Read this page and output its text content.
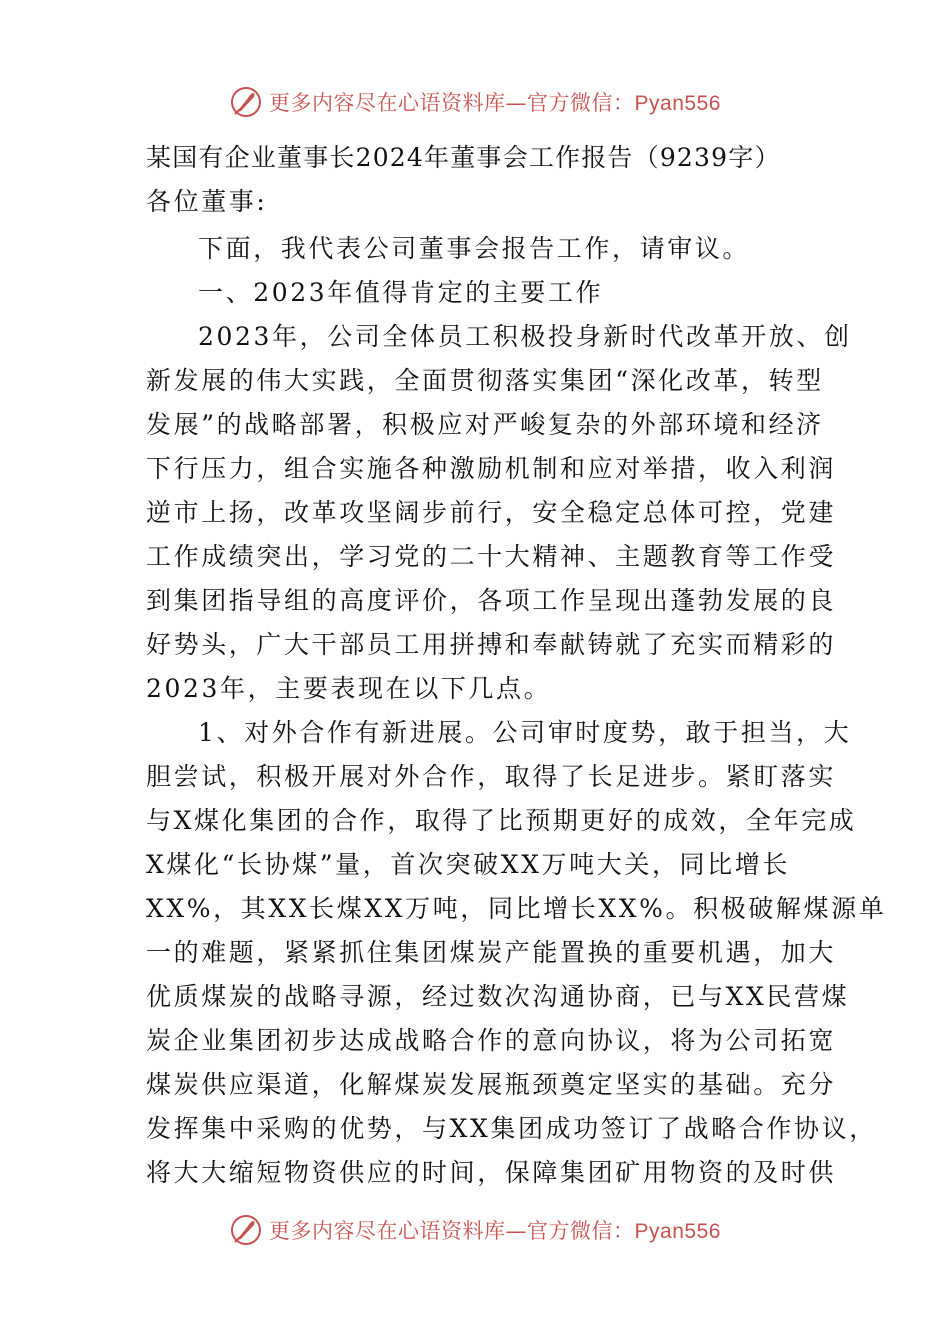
更多内容尽在心语资料库—官方微信：Pyan556
某国有企业董事长2024年董事会工作报告（9239字）
各位董事:
下面，我代表公司董事会报告工作，请审议。
一、2023年值得肯定的主要工作
2023年，公司全体员工积极投身新时代改革开放、创
新发展的伟大实践，全面贯彻落实集团“深化改革，转型
发展”的战略部署，积极应对严峻复杂的外部环境和经济
下行压力，组合实施各种激励机制和应对举措，收入利润
逆市上扬，改革攻坚阔步前行，安全稳定总体可控，党建
工作成绩突出，学习党的二十大精神、主题教育等工作受
到集团指导组的高度评价，各项工作呈现出蓬勃发展的良
好势头，广大干部员工用拼搏和奉献铸就了充实而精彩的
2023年，主要表现在以下几点。
1、对外合作有新进展。公司审时度势，敢于担当，大
胆尝试，积极开展对外合作，取得了长足进步。紧盯落实
与X煤化集团的合作，取得了比预期更好的成效，全年完成
X煤化“长协煤”量，首次突破XX万吨大关，同比增长
XX%，其XX长煤XX万吨，同比增长XX%。积极破解煤源单
一的难题，紧紧抓住集团煤炭产能置换的重要机遇，加大
优质煤炭的战略寻源，经过数次沟通协商，已与XX民营煤
炭企业集团初步达成战略合作的意向协议，将为公司拓宽
煤炭供应渠道，化解煤炭发展瓶颈奠定坚实的基础。充分
发挥集中采购的优势，与XX集团成功签订了战略合作协议，
将大大缩短物资供应的时间，保障集团矿用物资的及时供
更多内容尽在心语资料库—官方微信：Pyan556
